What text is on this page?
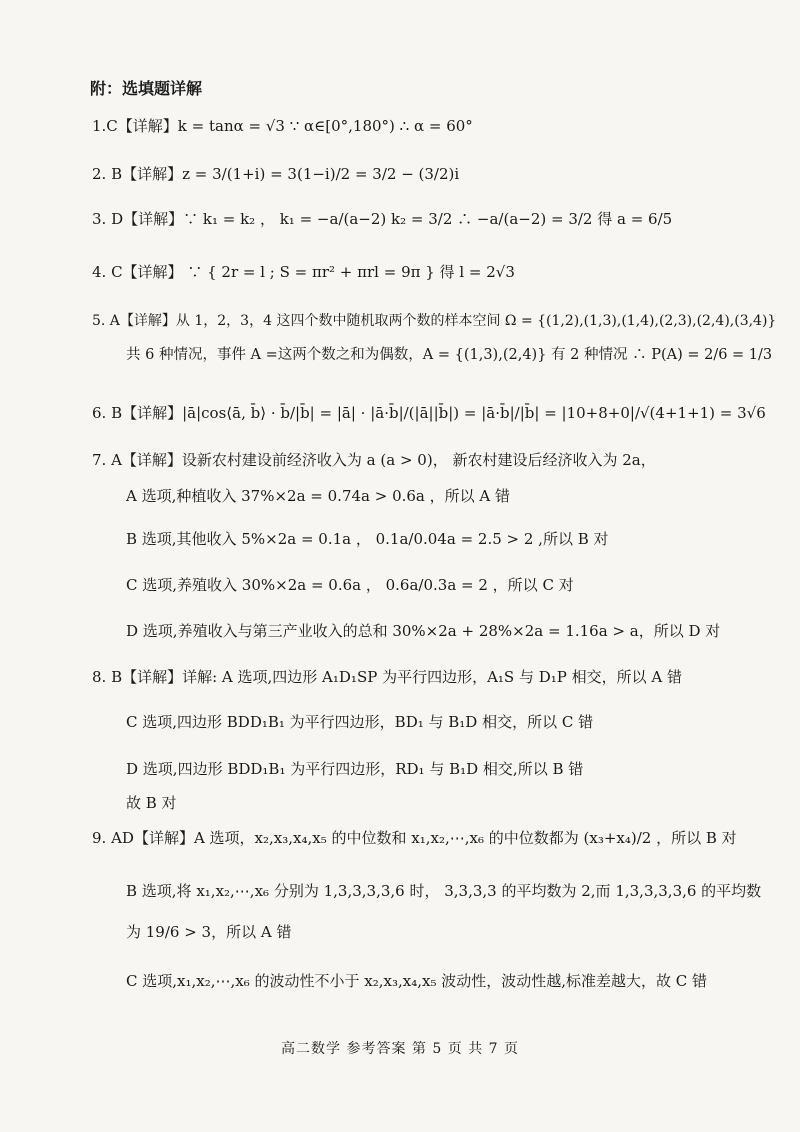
附：选填题详解
1.C【详解】k = tanα = √3 ∵ α∈[0°,180°) ∴ α = 60°
2. B【详解】z = 3/(1+i) = 3(1−i)/2 = 3/2 − (3/2)i
3. D【详解】∵ k₁ = k₂ ， k₁ = −a/(a−2) k₂ = 3/2 ∴ −a/(a−2) = 3/2 得 a = 6/5
4. C【详解】 ∵ { 2r = l ; S = πr² + πrl = 9π } 得 l = 2√3
5. A【详解】从 1，2，3，4 这四个数中随机取两个数的样本空间 Ω = {(1,2),(1,3),(1,4),(2,3),(2,4),(3,4)}
共 6 种情况，事件 A =这两个数之和为偶数，A = {(1,3),(2,4)} 有 2 种情况 ∴ P(A) = 2/6 = 1/3
6. B【详解】|ā|cos⟨ā, b̄⟩ · b̄/|b̄| = |ā| · |ā·b̄|/(|ā||b̄|) = |ā·b̄|/|b̄| = |10+8+0|/√(4+1+1) = 3√6
7. A【详解】设新农村建设前经济收入为 a (a > 0)， 新农村建设后经济收入为 2a，
A 选项,种植收入 37%×2a = 0.74a > 0.6a ，所以 A 错
B 选项,其他收入 5%×2a = 0.1a ， 0.1a/0.04a = 2.5 > 2 ,所以 B 对
C 选项,养殖收入 30%×2a = 0.6a ， 0.6a/0.3a = 2 ，所以 C 对
D 选项,养殖收入与第三产业收入的总和 30%×2a + 28%×2a = 1.16a > a，所以 D 对
8. B【详解】详解: A 选项,四边形 A₁D₁SP 为平行四边形，A₁S 与 D₁P 相交，所以 A 错
C 选项,四边形 BDD₁B₁ 为平行四边形，BD₁ 与 B₁D 相交，所以 C 错
D 选项,四边形 BDD₁B₁ 为平行四边形，RD₁ 与 B₁D 相交,所以 B 错
故 B 对
9. AD【详解】A 选项，x₂,x₃,x₄,x₅ 的中位数和 x₁,x₂,⋯,x₆ 的中位数都为 (x₃+x₄)/2 ，所以 B 对
B 选项,将 x₁,x₂,⋯,x₆ 分别为 1,3,3,3,3,6 时， 3,3,3,3 的平均数为 2,而 1,3,3,3,3,6 的平均数
为 19/6 > 3，所以 A 错
C 选项,x₁,x₂,⋯,x₆ 的波动性不小于 x₂,x₃,x₄,x₅ 波动性，波动性越,标准差越大，故 C 错
高二数学 参考答案 第 5 页 共 7 页
